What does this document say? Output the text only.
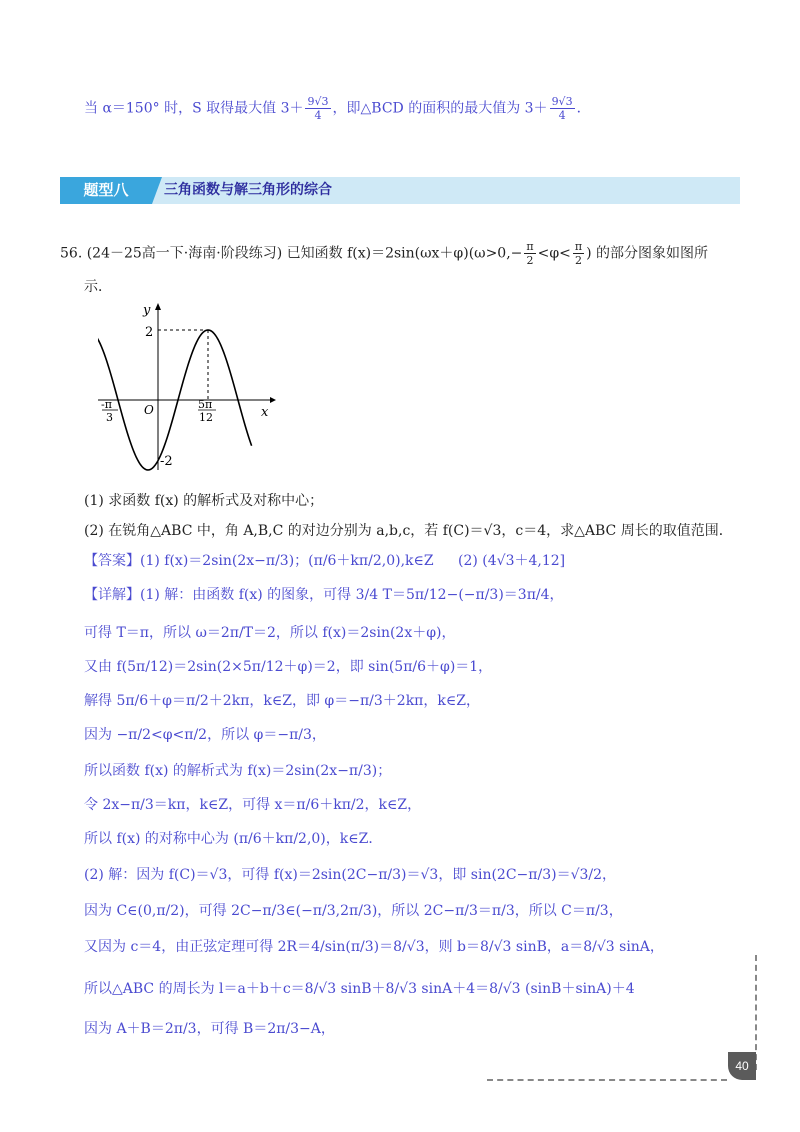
当 α＝150° 时，S 取得最大值 $3+ \frac{9√3}{4}$ ，即△BCD 的面积的最大值为 $3+ \frac{9√3}{4}$ ．
题型八	三角函数与解三角形的综合
56. (24－25高一下·海南·阶段练习) 已知函数 $f(x)=2\sin(\omega x+\varphi)(\omega>0,- \frac{\pi}{2} <\varphi< \frac{\pi}{2}$ ) 的部分图象如图所
示．
y
x
O
2
-2
-π
3
5π
12
(1) 求函数 f(x) 的解析式及对称中心；
(2) 在锐角△ABC 中，角 A,B,C 的对边分别为 a,b,c，若 f(C)＝√3，c＝4，求△ABC 周长的取值范围．
【答案】(1) f(x)＝2sin(2x−π/3)；(π/6＋kπ/2,0),k∈Z (2) (4√3＋4,12]
【详解】(1) 解：由函数 f(x) 的图象，可得 3/4 T＝5π/12−(−π/3)＝3π/4，
可得 T＝π，所以 ω＝2π/T＝2，所以 f(x)＝2sin(2x＋φ)，
又由 f(5π/12)＝2sin(2×5π/12＋φ)＝2，即 sin(5π/6＋φ)＝1，
解得 5π/6＋φ＝π/2＋2kπ，k∈Z，即 φ＝−π/3＋2kπ，k∈Z，
因为 −π/2<φ<π/2，所以 φ＝−π/3，
所以函数 f(x) 的解析式为 f(x)＝2sin(2x−π/3)；
令 2x−π/3＝kπ，k∈Z，可得 x＝π/6＋kπ/2，k∈Z，
所以 f(x) 的对称中心为 (π/6＋kπ/2,0)，k∈Z．
(2) 解：因为 f(C)＝√3，可得 f(x)＝2sin(2C−π/3)＝√3，即 sin(2C−π/3)＝√3/2，
因为 C∈(0,π/2)，可得 2C−π/3∈(−π/3,2π/3)，所以 2C−π/3＝π/3，所以 C＝π/3，
又因为 c＝4，由正弦定理可得 2R＝4/sin(π/3)＝8/√3，则 b＝8/√3 sinB，a＝8/√3 sinA，
所以△ABC 的周长为 l＝a＋b＋c＝8/√3 sinB＋8/√3 sinA＋4＝8/√3 (sinB＋sinA)＋4
因为 A＋B＝2π/3，可得 B＝2π/3−A，
40
